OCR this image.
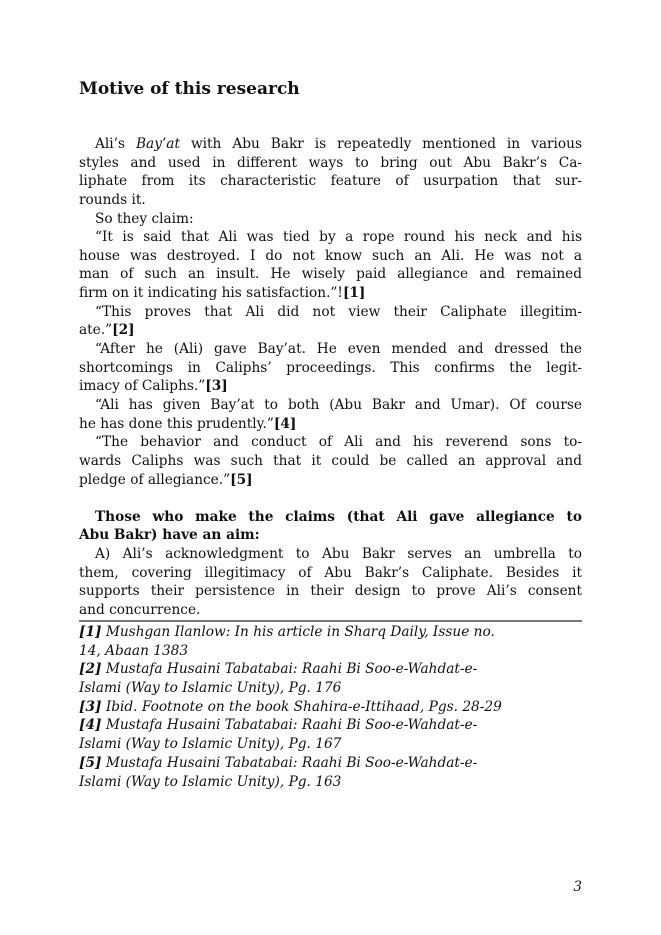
Motive of this research
Ali’s Bay’at with Abu Bakr is repeatedly mentioned in various
styles and used in different ways to bring out Abu Bakr’s Ca-
liphate from its characteristic feature of usurpation that sur-
rounds it.
So they claim:
“It is said that Ali was tied by a rope round his neck and his
house was destroyed. I do not know such an Ali. He was not a
man of such an insult. He wisely paid allegiance and remained
firm on it indicating his satisfaction.”![1]
“This proves that Ali did not view their Caliphate illegitim-
ate.”[2]
“After he (Ali) gave Bay’at. He even mended and dressed the
shortcomings in Caliphs’ proceedings. This confirms the legit-
imacy of Caliphs.”[3]
“Ali has given Bay’at to both (Abu Bakr and Umar). Of course
he has done this prudently.”[4]
“The behavior and conduct of Ali and his reverend sons to-
wards Caliphs was such that it could be called an approval and
pledge of allegiance.”[5]
Those who make the claims (that Ali gave allegiance to
Abu Bakr) have an aim:
A) Ali’s acknowledgment to Abu Bakr serves an umbrella to
them, covering illegitimacy of Abu Bakr’s Caliphate. Besides it
supports their persistence in their design to prove Ali’s consent
and concurrence.
[1] Mushgan Ilanlow: In his article in Sharq Daily, Issue no.
14, Abaan 1383
[2] Mustafa Husaini Tabatabai: Raahi Bi Soo-e-Wahdat-e-
Islami (Way to Islamic Unity), Pg. 176
[3] Ibid. Footnote on the book Shahira-e-Ittihaad, Pgs. 28-29
[4] Mustafa Husaini Tabatabai: Raahi Bi Soo-e-Wahdat-e-
Islami (Way to Islamic Unity), Pg. 167
[5] Mustafa Husaini Tabatabai: Raahi Bi Soo-e-Wahdat-e-
Islami (Way to Islamic Unity), Pg. 163
3
